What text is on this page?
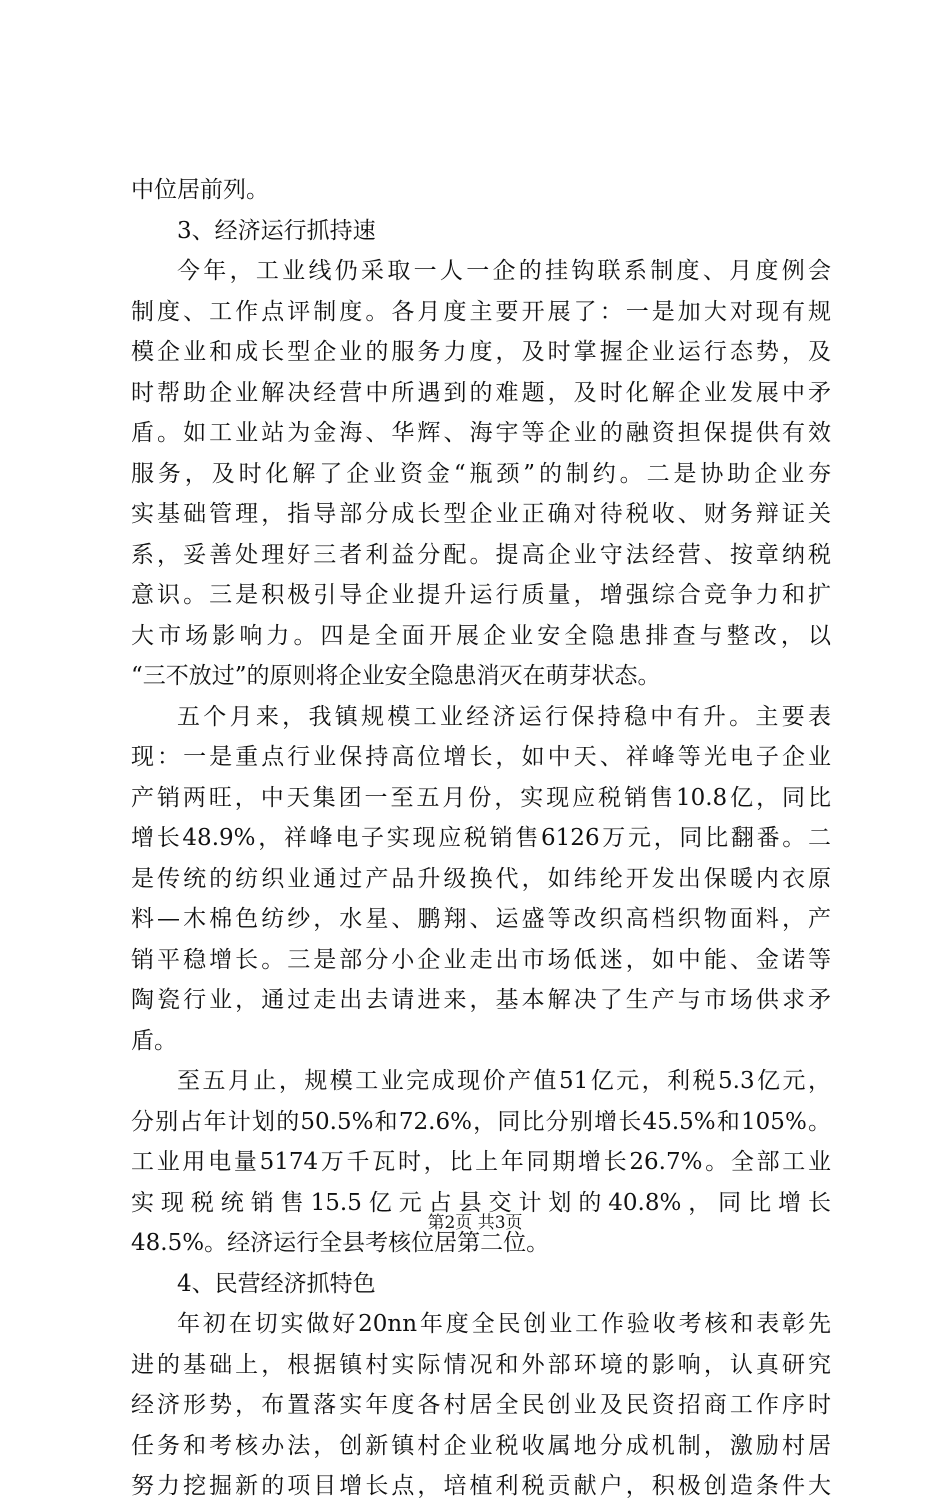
中位居前列。
3、经济运行抓持速
今年，工业线仍采取一人一企的挂钩联系制度、月度例会
制度、工作点评制度。各月度主要开展了：一是加大对现有规
模企业和成长型企业的服务力度，及时掌握企业运行态势，及
时帮助企业解决经营中所遇到的难题，及时化解企业发展中矛
盾。如工业站为金海、华辉、海宇等企业的融资担保提供有效
服务，及时化解了企业资金“瓶颈”的制约。二是协助企业夯
实基础管理，指导部分成长型企业正确对待税收、财务辩证关
系，妥善处理好三者利益分配。提高企业守法经营、按章纳税
意识。三是积极引导企业提升运行质量，增强综合竞争力和扩
大市场影响力。四是全面开展企业安全隐患排查与整改，以
“三不放过”的原则将企业安全隐患消灭在萌芽状态。
五个月来，我镇规模工业经济运行保持稳中有升。主要表
现：一是重点行业保持高位增长，如中天、祥峰等光电子企业
产销两旺，中天集团一至五月份，实现应税销售10.8亿，同比
增长48.9%，祥峰电子实现应税销售6126万元，同比翻番。二
是传统的纺织业通过产品升级换代，如纬纶开发出保暖内衣原
料—木棉色纺纱，水星、鹏翔、运盛等改织高档织物面料，产
销平稳增长。三是部分小企业走出市场低迷，如中能、金诺等
陶瓷行业，通过走出去请进来，基本解决了生产与市场供求矛
盾。
至五月止，规模工业完成现价产值51亿元，利税5.3亿元，
分别占年计划的50.5%和72.6%，同比分别增长45.5%和105%。
工业用电量5174万千瓦时，比上年同期增长26.7%。全部工业
实现税统销售15.5亿元占县交计划的40.8%，同比增长
48.5%。经济运行全县考核位居第二位。
4、民营经济抓特色
年初在切实做好20nn年度全民创业工作验收考核和表彰先
进的基础上，根据镇村实际情况和外部环境的影响，认真研究
经济形势，布置落实年度各村居全民创业及民资招商工作序时
任务和考核办法，创新镇村企业税收属地分成机制，激励村居
努力挖掘新的项目增长点，培植利税贡献户，积极创造条件大
第2页 共3页
